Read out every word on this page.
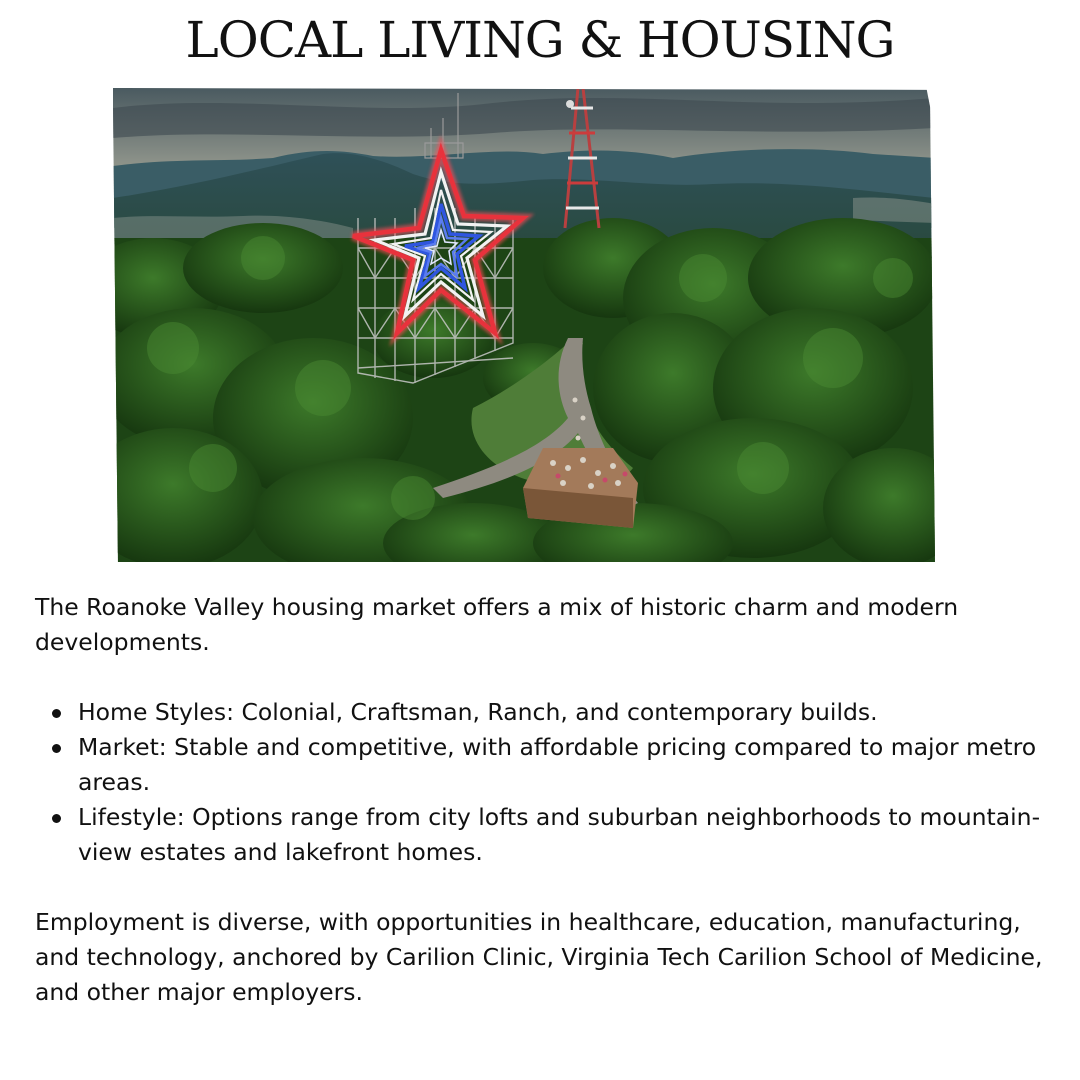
LOCAL LIVING & HOUSING

The Roanoke Valley housing market offers a mix of historic charm and modern developments.

Home Styles: Colonial, Craftsman, Ranch, and contemporary builds.
Market: Stable and competitive, with affordable pricing compared to major metro areas.
Lifestyle: Options range from city lofts and suburban neighborhoods to mountain-view estates and lakefront homes.

Employment is diverse, with opportunities in healthcare, education, manufacturing, and technology, anchored by Carilion Clinic, Virginia Tech Carilion School of Medicine, and other major employers.
